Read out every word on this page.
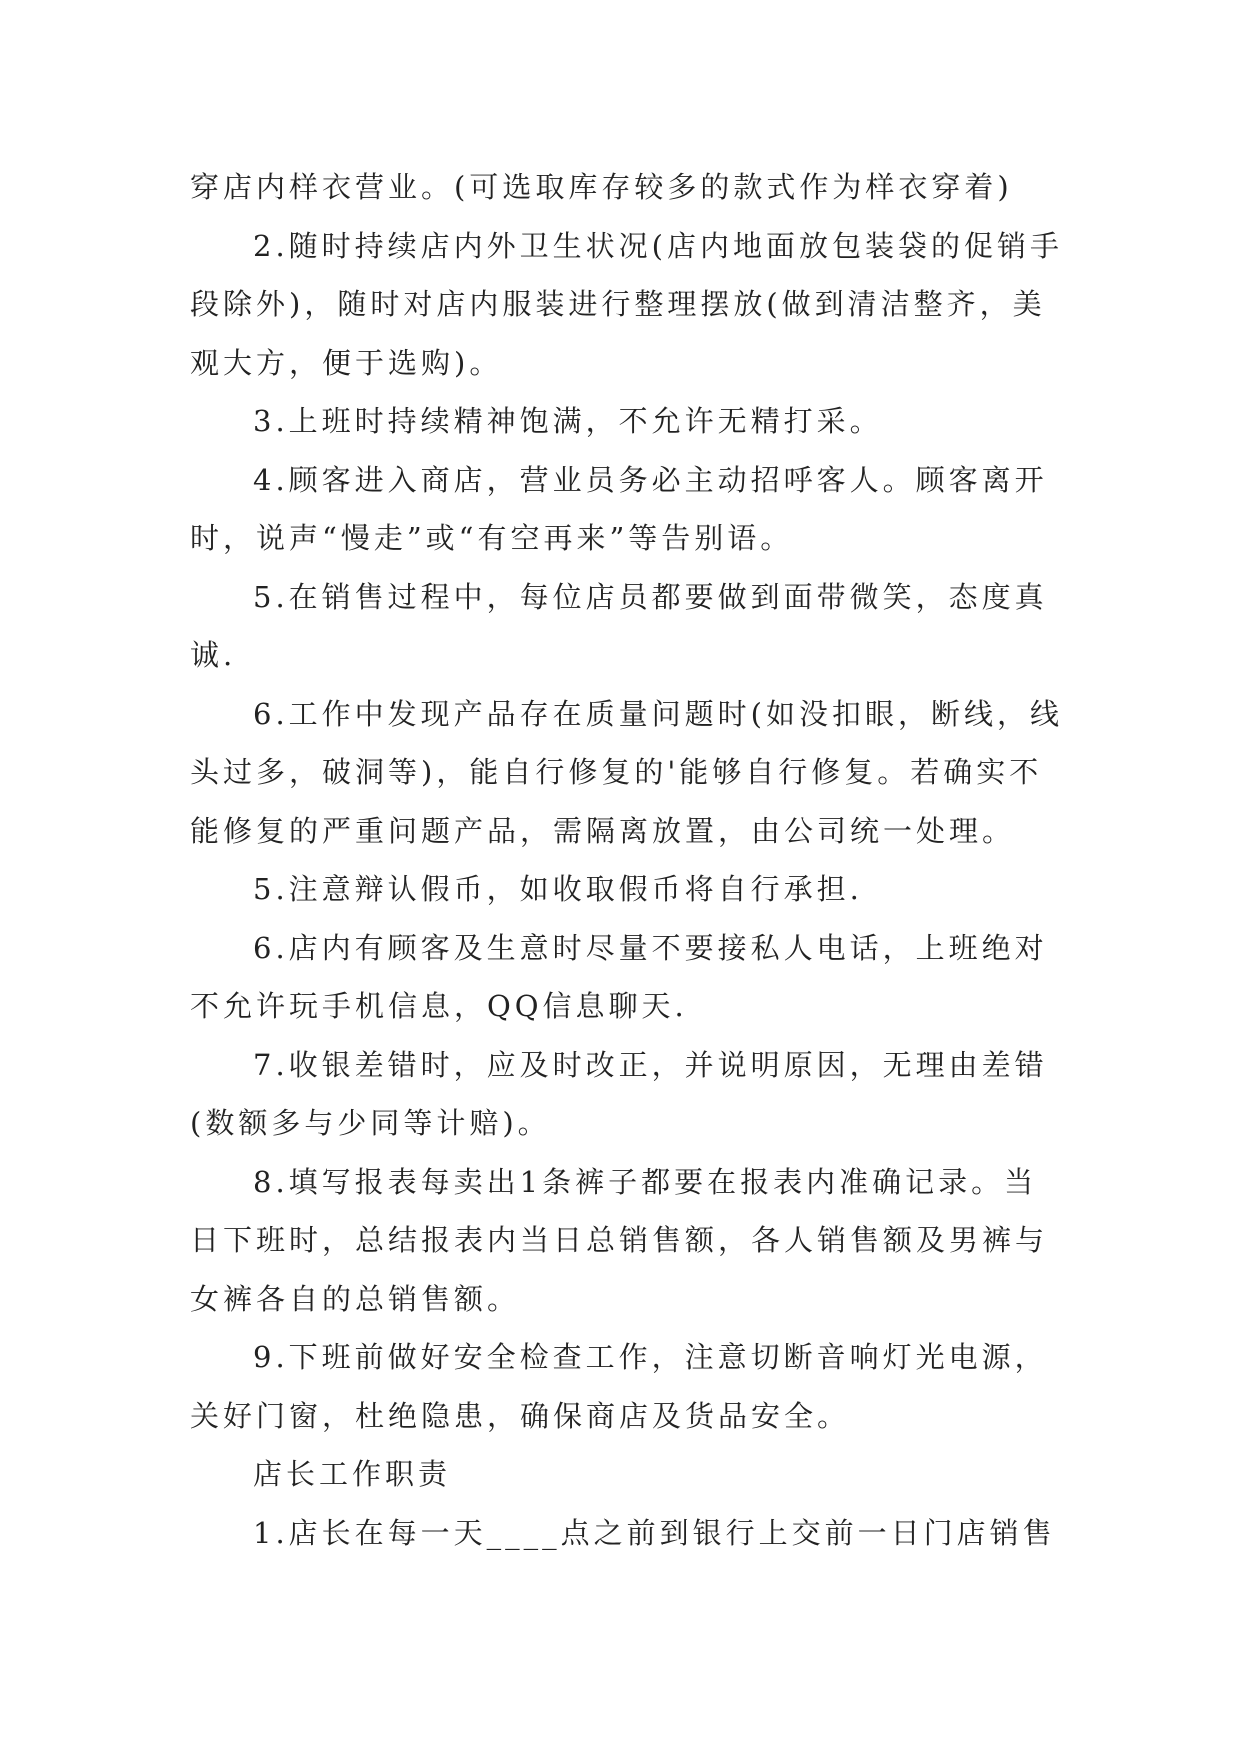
穿店内样衣营业。(可选取库存较多的款式作为样衣穿着)

2.随时持续店内外卫生状况(店内地面放包装袋的促销手段除外)，随时对店内服装进行整理摆放(做到清洁整齐，美观大方，便于选购)。

3.上班时持续精神饱满，不允许无精打采。

4.顾客进入商店，营业员务必主动招呼客人。顾客离开时，说声“慢走”或“有空再来”等告别语。

5.在销售过程中，每位店员都要做到面带微笑，态度真诚.

6.工作中发现产品存在质量问题时(如没扣眼，断线，线头过多，破洞等)，能自行修复的'能够自行修复。若确实不能修复的严重问题产品，需隔离放置，由公司统一处理。

5.注意辩认假币，如收取假币将自行承担.

6.店内有顾客及生意时尽量不要接私人电话，上班绝对不允许玩手机信息，QQ信息聊天.

7.收银差错时，应及时改正，并说明原因，无理由差错(数额多与少同等计赔)。

8.填写报表每卖出1条裤子都要在报表内准确记录。当日下班时，总结报表内当日总销售额，各人销售额及男裤与女裤各自的总销售额。

9.下班前做好安全检查工作，注意切断音响灯光电源，关好门窗，杜绝隐患，确保商店及货品安全。

店长工作职责

1.店长在每一天____点之前到银行上交前一日门店销售
